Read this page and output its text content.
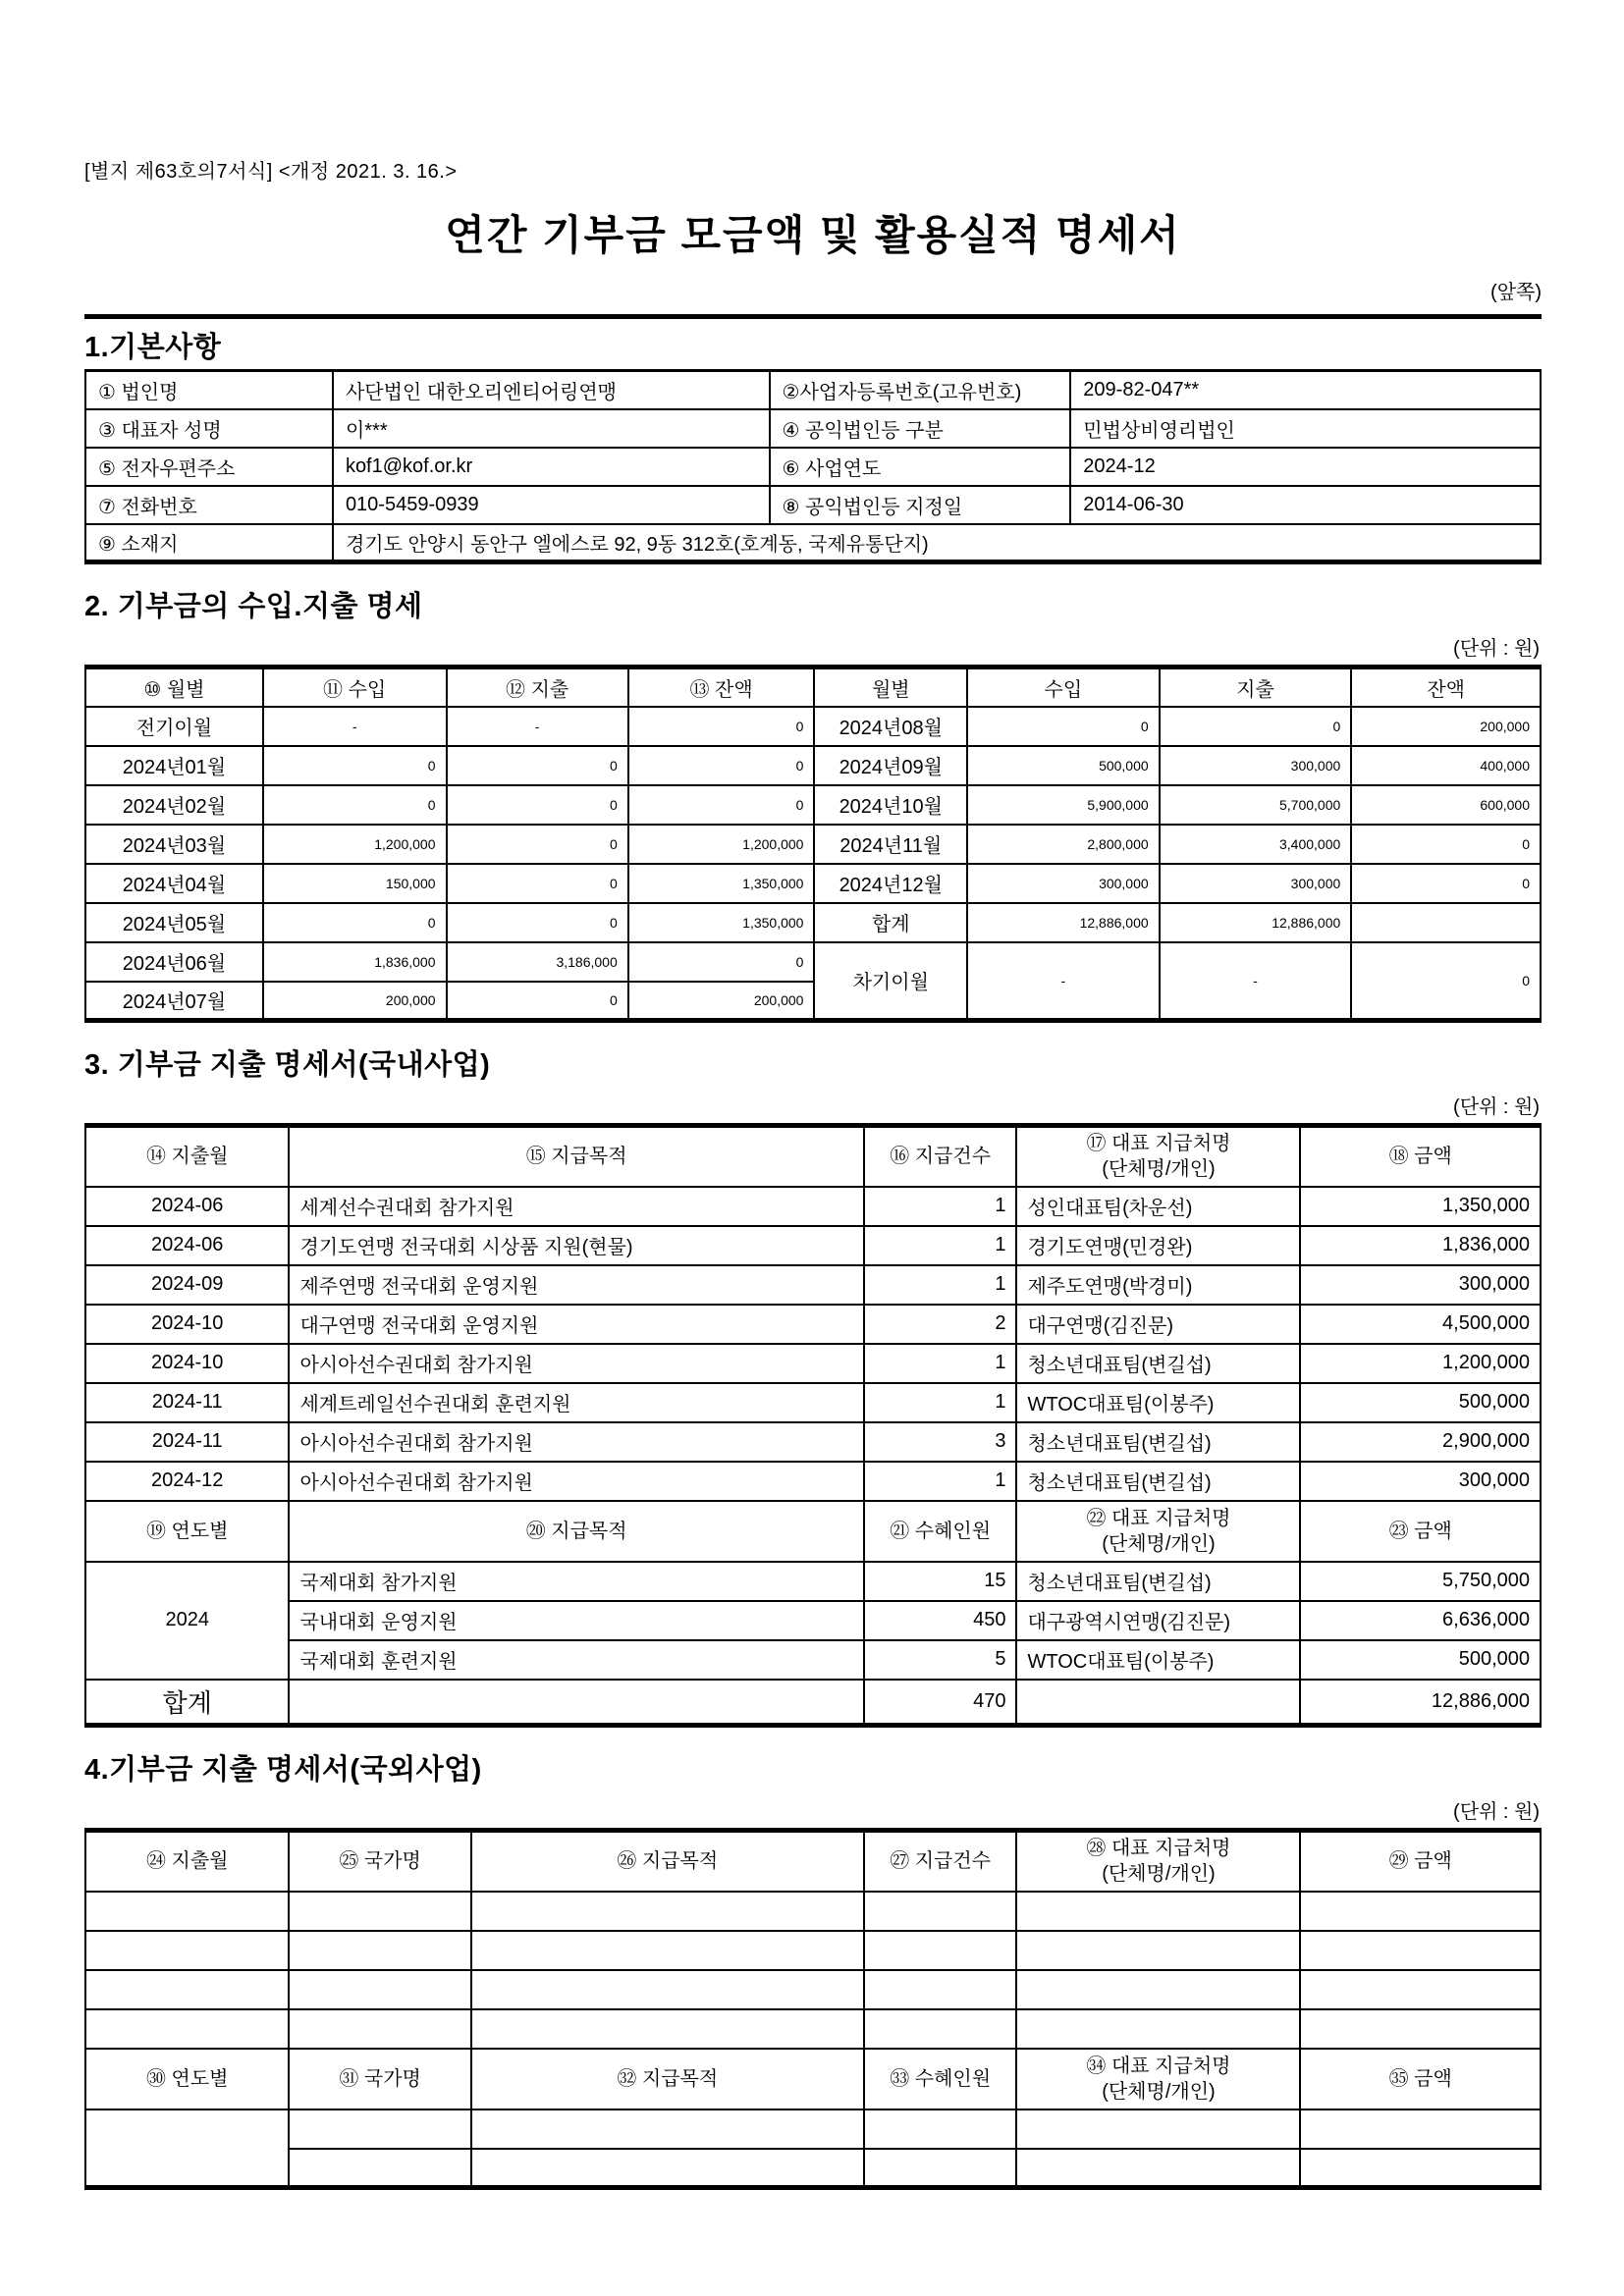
[별지 제63호의7서식] <개정 2021. 3. 16.>
연간 기부금 모금액 및 활용실적 명세서
(앞쪽)
1.기본사항
① 법인명	사단법인 대한오리엔티어링연맹	②사업자등록번호(고유번호)	209-82-047**
③ 대표자 성명	이***	④ 공익법인등 구분	민법상비영리법인
⑤ 전자우편주소	kof1@kof.or.kr	⑥ 사업연도	2024-12
⑦ 전화번호	010-5459-0939	⑧ 공익법인등 지정일	2014-06-30
⑨ 소재지	경기도 안양시 동안구 엘에스로 92, 9동 312호(호계동, 국제유통단지)		
2. 기부금의 수입.지출 명세
(단위 : 원)
⑩ 월별	⑪ 수입	⑫ 지출	⑬ 잔액	월별	수입	지출	잔액
전기이월	-	-	0	2024년08월	0	0	200,000
2024년01월	0	0	0	2024년09월	500,000	300,000	400,000
2024년02월	0	0	0	2024년10월	5,900,000	5,700,000	600,000
2024년03월	1,200,000	0	1,200,000	2024년11월	2,800,000	3,400,000	0
2024년04월	150,000	0	1,350,000	2024년12월	300,000	300,000	0
2024년05월	0	0	1,350,000	합계	12,886,000	12,886,000	
2024년06월	1,836,000	3,186,000	0	차기이월	-	-	0
2024년07월	200,000	0	200,000				
3. 기부금 지출 명세서(국내사업)
(단위 : 원)
⑭ 지출월	⑮ 지급목적	⑯ 지급건수	⑰ 대표 지급처명
(단체명/개인)	⑱ 금액
2024-06	세계선수권대회 참가지원	1	성인대표팀(차운선)	1,350,000
2024-06	경기도연맹 전국대회 시상품 지원(현물)	1	경기도연맹(민경완)	1,836,000
2024-09	제주연맹 전국대회 운영지원	1	제주도연맹(박경미)	300,000
2024-10	대구연맹 전국대회 운영지원	2	대구연맹(김진문)	4,500,000
2024-10	아시아선수권대회 참가지원	1	청소년대표팀(변길섭)	1,200,000
2024-11	세계트레일선수권대회 훈련지원	1	WTOC대표팀(이봉주)	500,000
2024-11	아시아선수권대회 참가지원	3	청소년대표팀(변길섭)	2,900,000
2024-12	아시아선수권대회 참가지원	1	청소년대표팀(변길섭)	300,000
⑲ 연도별	⑳ 지급목적	㉑ 수혜인원	㉒ 대표 지급처명
(단체명/개인)	㉓ 금액
2024	국제대회 참가지원	15	청소년대표팀(변길섭)	5,750,000
	국내대회 운영지원	450	대구광역시연맹(김진문)	6,636,000
	국제대회 훈련지원	5	WTOC대표팀(이봉주)	500,000
합계		470		12,886,000
4.기부금 지출 명세서(국외사업)
(단위 : 원)
㉔ 지출월	㉕ 국가명	㉖ 지급목적	㉗ 지급건수	㉘ 대표 지급처명
(단체명/개인)	㉙ 금액

㉚ 연도별	㉛ 국가명	㉜ 지급목적	㉝ 수혜인원	㉞ 대표 지급처명
(단체명/개인)	㉟ 금액
